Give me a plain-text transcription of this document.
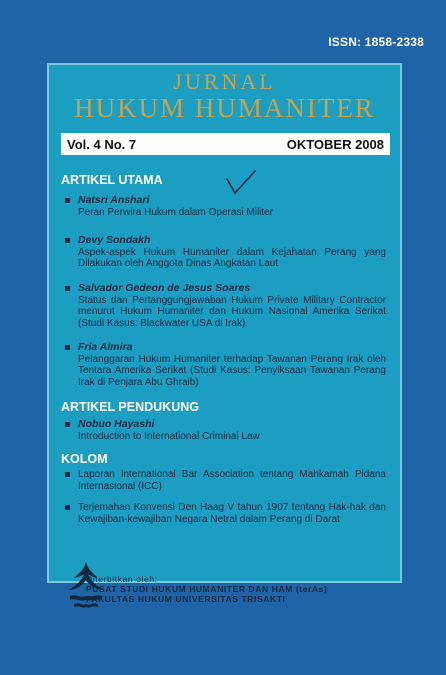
ISSN: 1858-2338
JURNAL
HUKUM HUMANITER
Vol. 4 No. 7	OKTOBER 2008
ARTIKEL UTAMA
Natsri Anshari
Peran Perwira Hukum dalam Operasi Militer
Devy Sondakh
Aspek-aspek Hukum Humaniter dalam Kejahatan Perang yang Dilakukan oleh Anggota Dinas Angkatan Laut
Salvador Gedeon de Jesus Soares
Status dan Pertanggungjawaban Hukum Private Military Contractor menurut Hukum Humaniter dan Hukum Nasional Amerika Serikat (Studi Kasus: Blackwater USA di Irak)
Fria Almira
Pelanggaran Hukum Humaniter terhadap Tawanan Perang Irak oleh Tentara Amerika Serikat (Studi Kasus: Penyiksaan Tawanan Perang Irak di Penjara Abu Ghraib)
ARTIKEL PENDUKUNG
Nobuo Hayashi
Introduction to International Criminal Law
KOLOM
Laporan International Bar Association tentang Mahkamah Pidana Internasional (ICC)
Terjemahan Konvensi Den Haag V tahun 1907 tentang Hak-hak dan Kewajiban-kewajiban Negara Netral dalam Perang di Darat
Diterbitkan oleh:
PUSAT STUDI HUKUM HUMANITER DAN HAM (terAs)
FAKULTAS HUKUM UNIVERSITAS TRISAKTI
